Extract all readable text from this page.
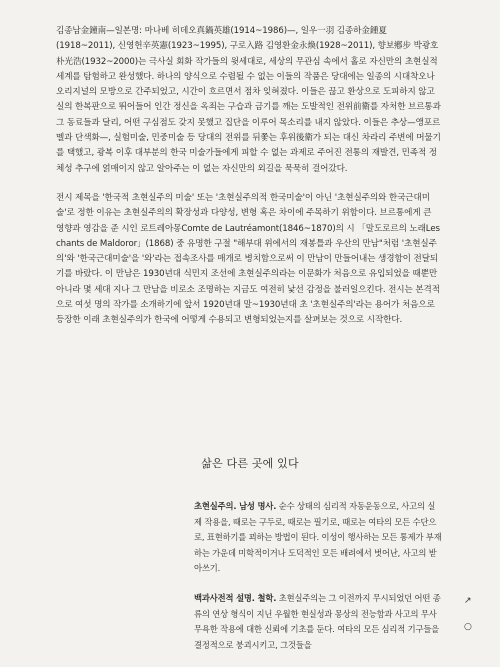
김종남金鐘南—일본명: 마나베 히데오真鍋英雄(1914~1986)—, 일우一羽 김종하金鍾夏(1918~2011), 신영헌辛英憲(1923~1995), 구로入路 김영환金永煥(1928~2011), 향보鄕步 박광호朴光浩(1932~2000)는 극사실 회화 작가들의 윗세대로, 세상의 무관심 속에서 홀로 자신만의 초현실적 세계를 탐험하고 완성했다. 하나의 양식으로 수렴될 수 없는 이들의 작품은 당대에는 일종의 시대착오나 오리지널의 모방으로 간주되었고, 시간이 흐르면서 점차 잊혀졌다. 이들은 끊고 환상으로 도피하지 않고 실의 한복판으로 뛰어들어 인간 정신을 옥죄는 구습과 금기를 깨는 도발적인 전위前衛를 자처한 브르통과 그 동료들과 달리, 어떤 구심점도 갖지 못했고 집단을 이루어 목소리를 내지 않았다. 이들은 추상—앵포르멜과 단색화—, 실험미술, 민중미술 등 당대의 전위를 뒤쫓는 후위後衛가 되는 대신 차라리 주변에 머물기를 택했고, 광복 이후 대부분의 한국 미술가들에게 피할 수 없는 과제로 주어진 전통의 재발견, 민족적 정체성 추구에 얽매이지 않고 알아주는 이 없는 자신만의 외길을 묵묵히 걸어갔다.

전시 제목을 '한국적 초현실주의 미술' 또는 '초현실주의적 한국미술'이 아닌 '초현실주의와 한국근대미술'로 정한 이유는 초현실주의의 확장성과 다양성, 변형 혹은 차이에 주목하기 위함이다. 브르통에게 큰 영향과 영감을 준 시인 로트레아몽Comte de Lautréamont(1846~1870)의 시 「말도로르의 노래Les chants de Maldoror」(1868) 중 유명한 구절 "해부대 위에서의 재봉틀과 우산의 만남"처럼 '초현실주의'와 '한국근대미술'을 '와'라는 접속조사를 매개로 병치함으로써 이 만남이 만들어내는 생경함이 전달되기를 바랐다. 이 만남은 1930년대 식민지 조선에 초현실주의라는 이문화가 처음으로 유입되었을 때뿐만 아니라 몇 세대 지나 그 만남을 비로소 조명하는 지금도 여전히 낯선 감정을 불러일으킨다. 전시는 본격적으로 여섯 명의 작가를 소개하기에 앞서 1920년대 말~1930년대 초 '초현실주의'라는 용어가 처음으로 등장한 이래 초현실주의가 한국에 어떻게 수용되고 변형되었는지를 살펴보는 것으로 시작한다.

삶은 다른 곳에 있다

초현실주의. 남성 명사. 순수 상태의 심리적 자동운동으로, 사고의 실제 작용을, 때로는 구두로, 때로는 필기로, 때로는 여타의 모든 수단으로, 표현하기를 꾀하는 방법이 된다. 이성이 행사하는 모든 통제가 부재하는 가운데 미학적이거나 도덕적인 모든 배려에서 벗어난, 사고의 받아쓰기.

백과사전적 설명. 철학. 초현실주의는 그 이전까지 무시되었던 어떤 종류의 연상 형식이 지닌 우월한 현실성과 몽상의 전능함과 사고의 무사 무욕한 작용에 대한 신뢰에 기초를 둔다. 여타의 모든 심리적 기구들을 결정적으로 붕괴시키고, 그것들을

↗
○
